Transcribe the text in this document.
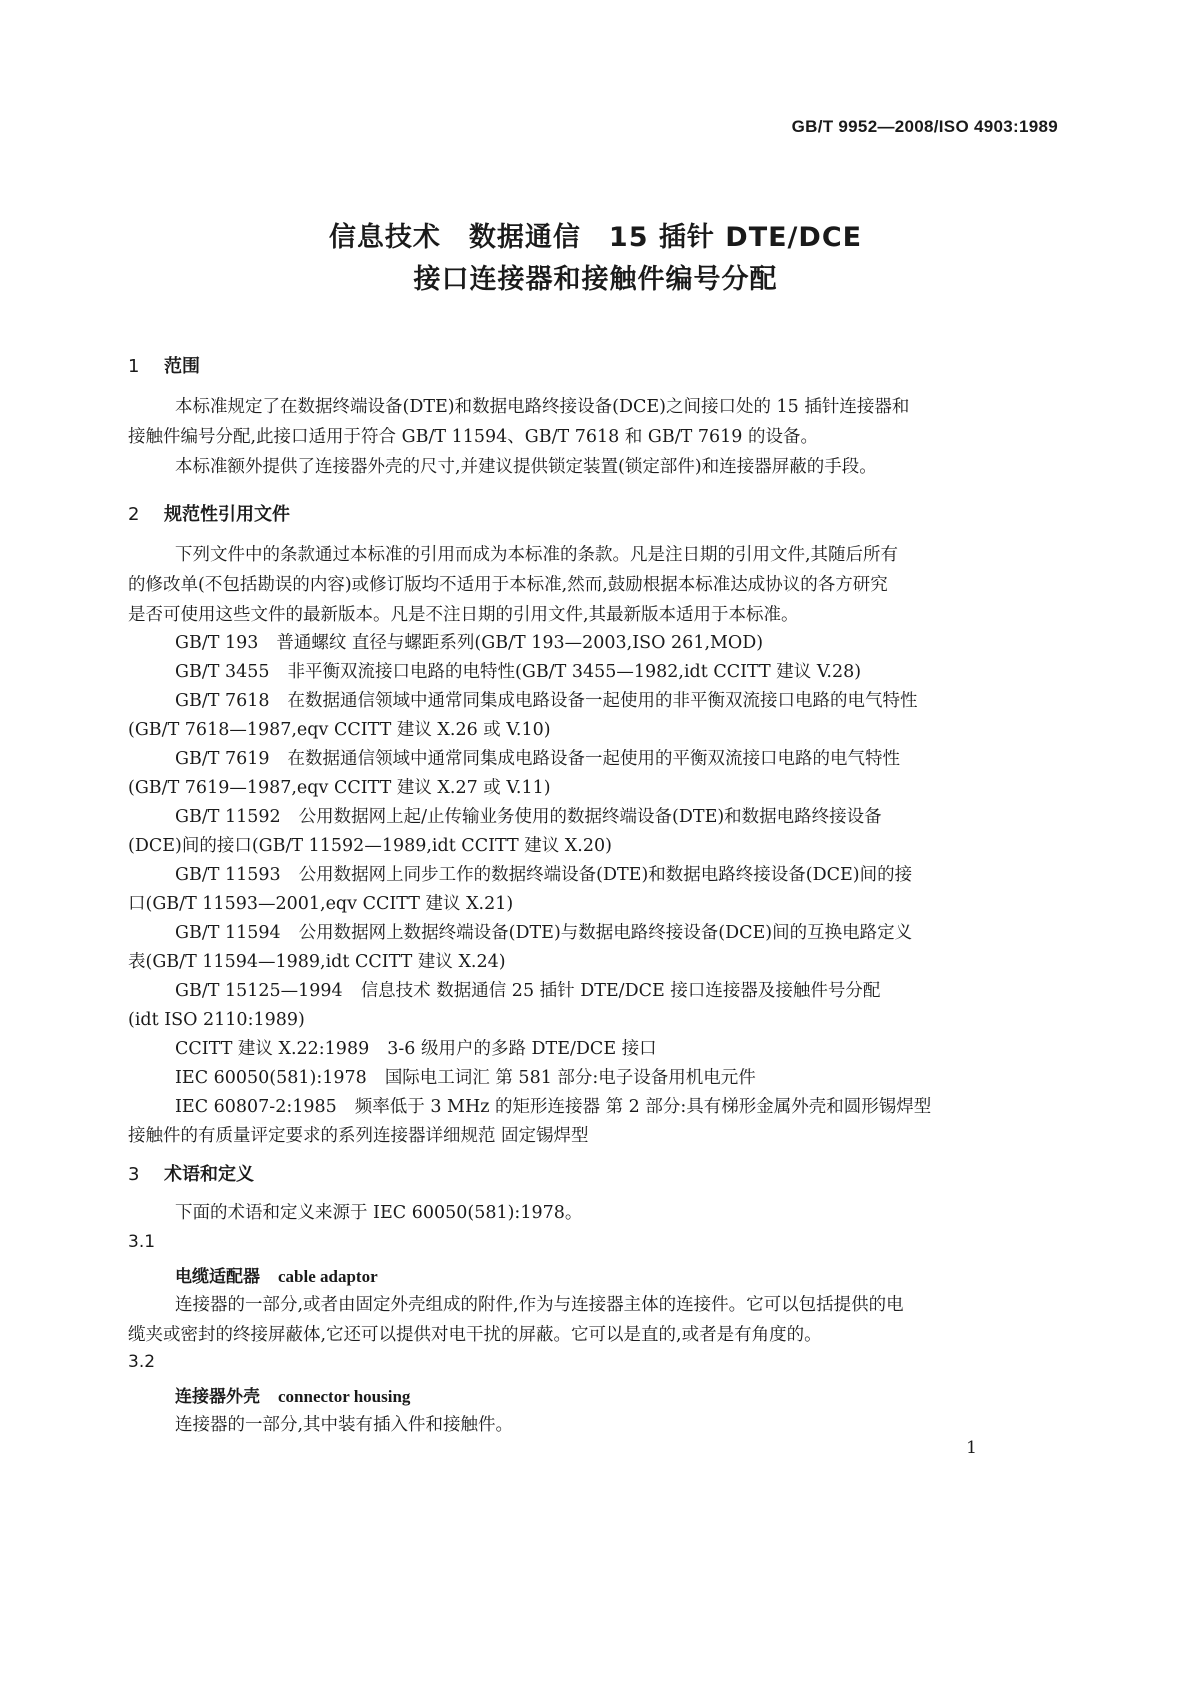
GB/T 9952—2008/ISO 4903:1989
信息技术 数据通信 15 插针 DTE/DCE
接口连接器和接触件编号分配
1 范围
本标准规定了在数据终端设备(DTE)和数据电路终接设备(DCE)之间接口处的 15 插针连接器和
接触件编号分配,此接口适用于符合 GB/T 11594、GB/T 7618 和 GB/T 7619 的设备。
本标准额外提供了连接器外壳的尺寸,并建议提供锁定装置(锁定部件)和连接器屏蔽的手段。
2 规范性引用文件
下列文件中的条款通过本标准的引用而成为本标准的条款。凡是注日期的引用文件,其随后所有
的修改单(不包括勘误的内容)或修订版均不适用于本标准,然而,鼓励根据本标准达成协议的各方研究
是否可使用这些文件的最新版本。凡是不注日期的引用文件,其最新版本适用于本标准。
GB/T 193 普通螺纹 直径与螺距系列(GB/T 193—2003,ISO 261,MOD)
GB/T 3455 非平衡双流接口电路的电特性(GB/T 3455—1982,idt CCITT 建议 V.28)
GB/T 7618 在数据通信领域中通常同集成电路设备一起使用的非平衡双流接口电路的电气特性
(GB/T 7618—1987,eqv CCITT 建议 X.26 或 V.10)
GB/T 7619 在数据通信领域中通常同集成电路设备一起使用的平衡双流接口电路的电气特性
(GB/T 7619—1987,eqv CCITT 建议 X.27 或 V.11)
GB/T 11592 公用数据网上起/止传输业务使用的数据终端设备(DTE)和数据电路终接设备
(DCE)间的接口(GB/T 11592—1989,idt CCITT 建议 X.20)
GB/T 11593 公用数据网上同步工作的数据终端设备(DTE)和数据电路终接设备(DCE)间的接
口(GB/T 11593—2001,eqv CCITT 建议 X.21)
GB/T 11594 公用数据网上数据终端设备(DTE)与数据电路终接设备(DCE)间的互换电路定义
表(GB/T 11594—1989,idt CCITT 建议 X.24)
GB/T 15125—1994 信息技术 数据通信 25 插针 DTE/DCE 接口连接器及接触件号分配
(idt ISO 2110:1989)
CCITT 建议 X.22:1989 3-6 级用户的多路 DTE/DCE 接口
IEC 60050(581):1978 国际电工词汇 第 581 部分:电子设备用机电元件
IEC 60807-2:1985 频率低于 3 MHz 的矩形连接器 第 2 部分:具有梯形金属外壳和圆形锡焊型
接触件的有质量评定要求的系列连接器详细规范 固定锡焊型
3 术语和定义
下面的术语和定义来源于 IEC 60050(581):1978。
3.1
电缆适配器 cable adaptor
连接器的一部分,或者由固定外壳组成的附件,作为与连接器主体的连接件。它可以包括提供的电
缆夹或密封的终接屏蔽体,它还可以提供对电干扰的屏蔽。它可以是直的,或者是有角度的。
3.2
连接器外壳 connector housing
连接器的一部分,其中装有插入件和接触件。
1
